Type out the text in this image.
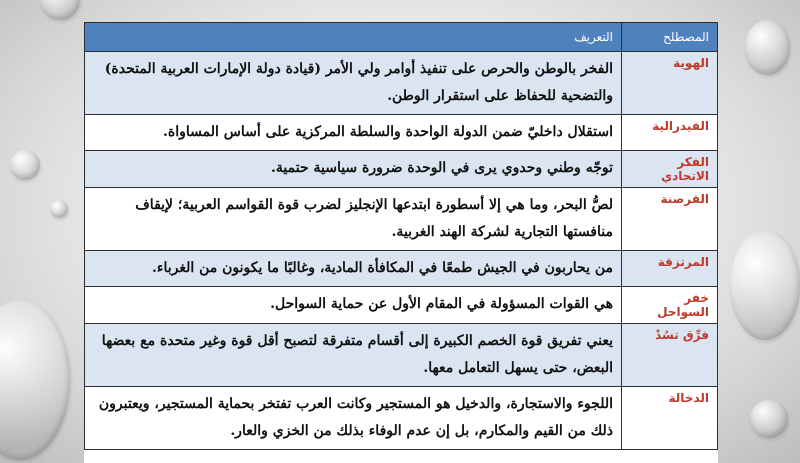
المصطلح	التعريف
الهوية	الفخر بالوطن والحرص على تنفيذ أوامر ولي الأمر (قيادة دولة الإمارات العربية المتحدة) والتضحية للحفاظ على استقرار الوطن.
الفيدرالية	استقلال داخليّ ضمن الدولة الواحدة والسلطة المركزية على أساس المساواة.
الفكر الاتحادي	توجّه وطني وحدوي يرى في الوحدة ضرورة سياسية حتمية.
القرصنة	لصُّ البحر، وما هي إلا أسطورة ابتدعها الإنجليز لضرب قوة القواسم العربية؛ لإيقاف منافستها التجارية لشركة الهند الغربية.
المرتزقة	من يحاربون في الجيش طمعًا في المكافأة المادية، وغالبًا ما يكونون من الغرباء.
خفر السواحل	هي القوات المسؤولة في المقام الأول عن حماية السواحل.
فرِّق تسُدْ	يعني تفريق قوة الخصم الكبيرة إلى أقسام متفرقة لتصبح أقل قوة وغير متحدة مع بعضها البعض، حتى يسهل التعامل معها.
الدخالة	اللجوء والاستجارة، والدخيل هو المستجير وكانت العرب تفتخر بحماية المستجير، ويعتبرون ذلك من القيم والمكارم، بل إن عدم الوفاء بذلك من الخزي والعار.
